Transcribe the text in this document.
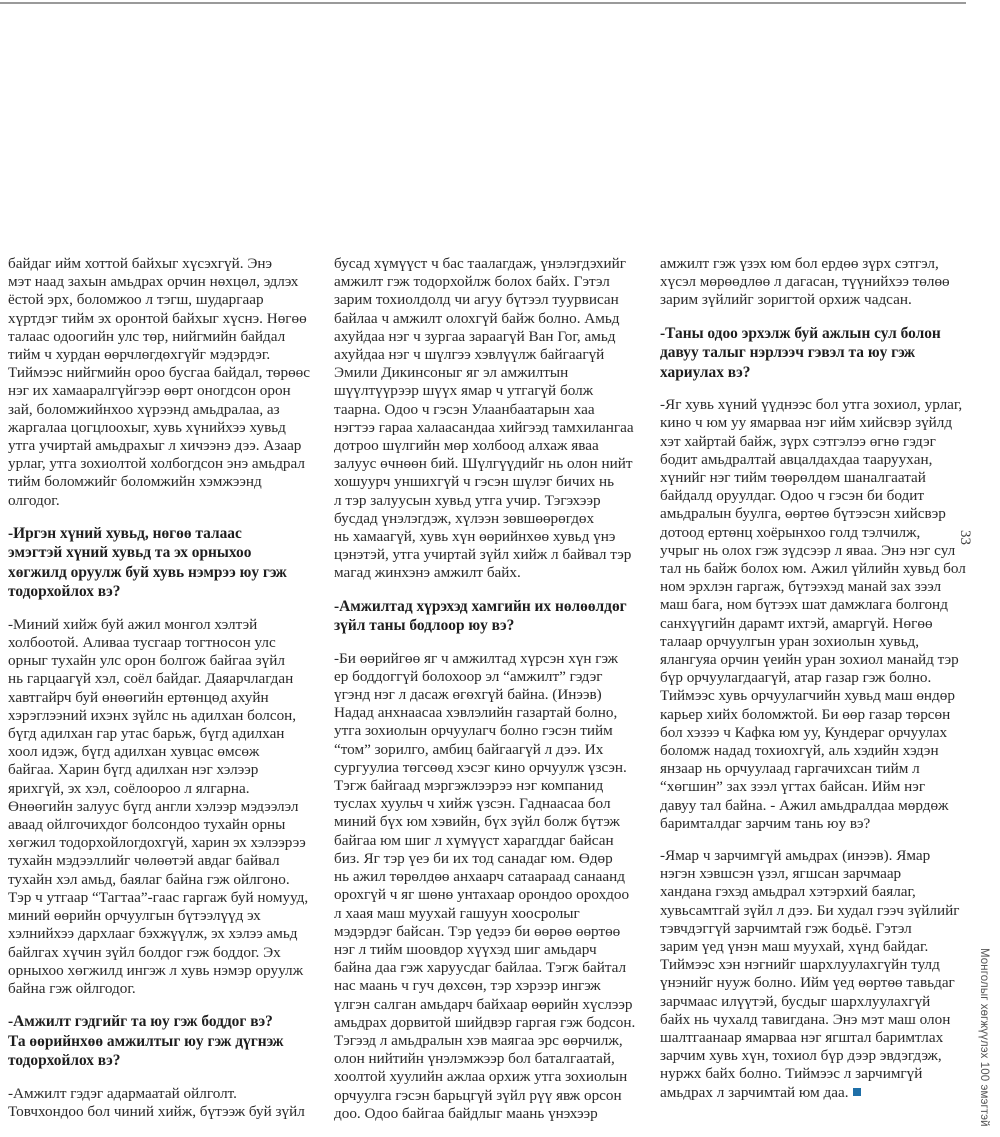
байдаг ийм хоттой байхыг хүсэхгүй. Энэ
мэт наад захын амьдрах орчин нөхцөл, эдлэх
ёстой эрх, боломжоо л тэгш, шударгаар
хүртдэг тийм эх оронтой байхыг хүснэ. Нөгөө
талаас одоогийн улс төр, нийгмийн байдал
тийм ч хурдан өөрчлөгдөхгүйг мэдэрдэг.
Тиймээс нийгмийн ороо бусгаа байдал, төрөөс
нэг их хамааралгүйгээр өөрт оногдсон орон
зай, боломжийнхоо хүрээнд амьдралаа, аз
жаргалаа цогцлоохыг, хувь хүнийхээ хувьд
утга учиртай амьдрахыг л хичээнэ дээ. Азаар
урлаг, утга зохиолтой холбогдсон энэ амьдрал
тийм боломжийг боломжийн хэмжээнд
олгодог.
-Иргэн хүний хувьд, нөгөө талаас
эмэгтэй хүний хувьд та эх орныхоо
хөгжилд оруулж буй хувь нэмрээ юу гэж
тодорхойлох вэ?
-Миний хийж буй ажил монгол хэлтэй
холбоотой. Аливаа тусгаар тогтносон улс
орныг тухайн улс орон болгож байгаа зүйл
нь гарцаагүй хэл, соёл байдаг. Даяарчлагдан
хавтгайрч буй өнөөгийн ертөнцөд ахуйн
хэрэглээний ихэнх зүйлс нь адилхан болсон,
бүгд адилхан гар утас барьж, бүгд адилхан
хоол идэж, бүгд адилхан хувцас өмсөж
байгаа. Харин бүгд адилхан нэг хэлээр
ярихгүй, эх хэл, соёлоороо л ялгарна.
Өнөөгийн залуус бүгд англи хэлээр мэдээлэл
аваад ойлгочихдог болсондоо тухайн орны
хөгжил тодорхойлогдохгүй, харин эх хэлээрээ
тухайн мэдээллийг чөлөөтэй авдаг байвал
тухайн хэл амьд, баялаг байна гэж ойлгоно.
Тэр ч утгаар “Тагтаа”-гаас гаргаж буй номууд,
миний өөрийн орчуулгын бүтээлүүд эх
хэлнийхээ дархлааг бэхжүүлж, эх хэлээ амьд
байлгах хүчин зүйл болдог гэж боддог. Эх
орныхоо хөгжилд ингэж л хувь нэмэр оруулж
байна гэж ойлгодог.
-Амжилт гэдгийг та юу гэж боддог вэ?
Та өөрийнхөө амжилтыг юу гэж дүгнэж
тодорхойлох вэ?
-Амжилт гэдэг адармаатай ойлголт.
Товчхондоо бол чиний хийж, бүтээж буй зүйл
бусад хүмүүст ч бас таалагдаж, үнэлэгдэхийг
амжилт гэж тодорхойлж болох байх. Гэтэл
зарим тохиолдолд чи агуу бүтээл туурвисан
байлаа ч амжилт олохгүй байж болно. Амьд
ахуйдаа нэг ч зургаа зараагүй Ван Гог, амьд
ахуйдаа нэг ч шүлгээ хэвлүүлж байгаагүй
Эмили Дикинсоныг яг эл амжилтын
шүүлтүүрээр шүүх ямар ч утгагүй болж
таарна. Одоо ч гэсэн Улаанбаатарын хаа
нэгтээ гараа халаасандаа хийгээд тамхилангаа
дотроо шүлгийн мөр холбоод алхаж яваа
залуус өчнөөн бий. Шүлгүүдийг нь олон нийт
хошуурч уншихгүй ч гэсэн шүлэг бичих нь
л тэр залуусын хувьд утга учир. Тэгэхээр
бусдад үнэлэгдэж, хүлээн зөвшөөрөгдөх
нь хамаагүй, хувь хүн өөрийнхөө хувьд үнэ
цэнэтэй, утга учиртай зүйл хийж л байвал тэр
магад жинхэнэ амжилт байх.
-Амжилтад хүрэхэд хамгийн их нөлөөлдөг
зүйл таны бодлоор юу вэ?
-Би өөрийгөө яг ч амжилтад хүрсэн хүн гэж
ер боддоггүй болохоор эл “амжилт” гэдэг
үгэнд нэг л дасаж өгөхгүй байна. (Инээв)
Надад анхнаасаа хэвлэлийн газартай болно,
утга зохиолын орчуулагч болно гэсэн тийм
“том” зорилго, амбиц байгаагүй л дээ. Их
сургуулиа төгсөөд хэсэг кино орчуулж үзсэн.
Тэгж байгаад мэргэжлээрээ нэг компанид
туслах хуульч ч хийж үзсэн. Гаднаасаа бол
миний бүх юм хэвийн, бүх зүйл болж бүтэж
байгаа юм шиг л хүмүүст харагддаг байсан
биз. Яг тэр үеэ би их тод санадаг юм. Өдөр
нь ажил төрөлдөө анхаарч сатаараад санаанд
орохгүй ч яг шөнө унтахаар орондоо орохдоо
л хаая маш муухай гашуун хоосролыг
мэдэрдэг байсан. Тэр үедээ би өөрөө өөртөө
нэг л тийм шоовдор хүүхэд шиг амьдарч
байна даа гэж харуусдаг байлаа. Тэгж байтал
нас маань ч гуч дөхсөн, тэр хэрээр ингэж
үлгэн салган амьдарч байхаар өөрийн хүслээр
амьдрах дорвитой шийдвэр гаргая гэж бодсон.
Тэгээд л амьдралын хэв маягаа эрс өөрчилж,
олон нийтийн үнэлэмжээр бол баталгаатай,
хоолтой хуулийн ажлаа орхиж утга зохиолын
орчуулга гэсэн барьцгүй зүйл рүү явж орсон
доо. Одоо байгаа байдлыг маань үнэхээр
амжилт гэж үзэх юм бол ердөө зүрх сэтгэл,
хүсэл мөрөөдлөө л дагасан, түүнийхээ төлөө
зарим зүйлийг зоригтой орхиж чадсан.
-Таны одоо эрхэлж буй ажлын сул болон
давуу талыг нэрлээч гэвэл та юу гэж
хариулах вэ?
-Яг хувь хүний үүднээс бол утга зохиол, урлаг,
кино ч юм уу ямарваа нэг ийм хийсвэр зүйлд
хэт хайртай байж, зүрх сэтгэлээ өгнө гэдэг
бодит амьдралтай авцалдахдаа таарууxан,
хүнийг нэг тийм төөрөлдөм шаналгаатай
байдалд оруулдаг. Одоо ч гэсэн би бодит
амьдралын буулга, өөртөө бүтээсэн хийсвэр
дотоод ертөнц хоёрынхоо голд тэлчилж,
учрыг нь олох гэж зүдсээр л яваа. Энэ нэг сул
тал нь байж болох юм. Ажил үйлийн хувьд бол
ном эрхлэн гаргаж, бүтээхэд манай зах зээл
маш бага, ном бүтээх шат дамжлага болгонд
санхүүгийн дарамт ихтэй, амаргүй. Нөгөө
талаар орчуулгын уран зохиолын хувьд,
ялангуяа орчин үеийн уран зохиол манайд тэр
бүр орчуулагдаагүй, атар газар гэж болно.
Тиймээс хувь орчуулагчийн хувьд маш өндөр
карьер хийх боломжтой. Би өөр газар төрсөн
бол хэзээ ч Кафка юм уу, Кундераг орчуулах
боломж надад тохиохгүй, аль хэдийн хэдэн
янзаар нь орчуулаад гаргачихсан тийм л
“хөгшин” зах зээл үгтах байсан. Ийм нэг
давуу тал байна. - Ажил амьдралдаа мөрдөж
баримталдаг зарчим тань юу вэ?
-Ямар ч зарчимгүй амьдрах (инээв). Ямар
нэгэн хэвшсэн үзэл, ягшсан зарчмаар
хандана гэхэд амьдрал хэтэрхий баялаг,
хувьсамтгай зүйл л дээ. Би худал гээч зүйлийг
тэвчдэггүй зарчимтай гэж бодьё. Гэтэл
зарим үед үнэн маш муухай, хүнд байдаг.
Тиймээс хэн нэгнийг шархлуулахгүйн тулд
үнэнийг нууж болно. Ийм үед өөртөө тавьдаг
зарчмаас илүүтэй, бусдыг шархлуулахгүй
байх нь чухалд тавигдана. Энэ мэт маш олон
шалтгаанаар ямарваа нэг ягштал баримтлах
зарчим хувь хүн, тохиол бүр дээр эвдэгдэж,
нуржх байх болно. Тиймээс л зарчимгүй
амьдрах л зарчимтай юм даа.
33
Монголыг хөгжүүлэх 100 эмэгтэй
